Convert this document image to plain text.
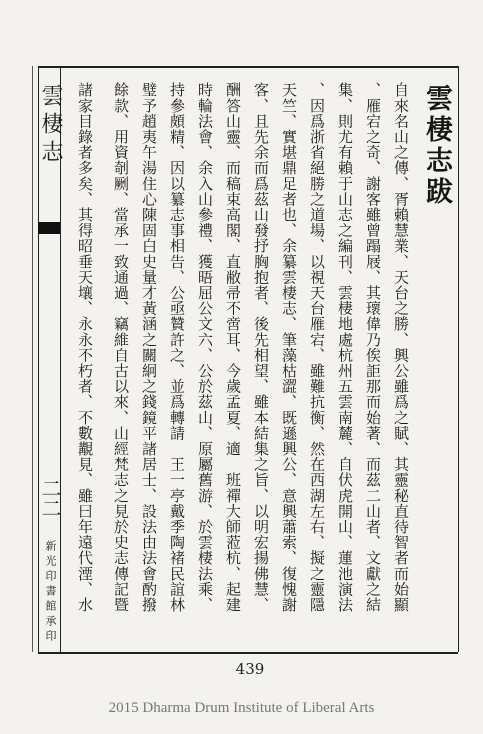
雲棲志
二二
新光印書館承印
雲棲志跋
自來名山之傳、胥賴慧業、天台之勝、興公雖爲之賦、其靈秘直待智者而始顯
、雁宕之奇、謝客雖曾蹋屐、其瓌偉乃俟詎那而始著、而茲二山者、文獻之結
集、則尤有賴于山志之編刊、雲棲地處杭州五雲南麓、自伏虎開山、蓮池演法
、因爲浙省絕勝之道場、以視天台雁宕、雖難抗衡、然在西湖左右、擬之靈隱
天竺、實堪鼎足者也、余纂雲棲志、筆藻枯澀、既遜興公、意興蕭索、復愧謝
客、且先余而爲茲山發抒胸抱者、後先相望、雖本結集之旨、以明宏揚佛慧、
酬答山靈、而稿束高閣、直敝帚不啻耳、今歲孟夏、適　班禪大師蒞杭、起建
時輪法會、余入山參禮、獲晤屈公文六、公於茲山、原屬舊游、於雲棲法乘、
持參頗精、因以纂志事相告、公亟贊許之、並爲轉請　王一亭戴季陶褚民誼林
璧予趙夷午湯住心陳固白史量才黃涵之關絅之錢鏡平諸居士、設法由法會酌撥
餘款、用資剞劂、當承一致通過、竊維自古以來、山經梵志之見於史志傳記暨
諸家目錄者多矣、其得昭垂天壤、永永不朽者、不數覯見、雖曰年遠代湮、水
439
2015 Dharma Drum Institute of Liberal Arts
